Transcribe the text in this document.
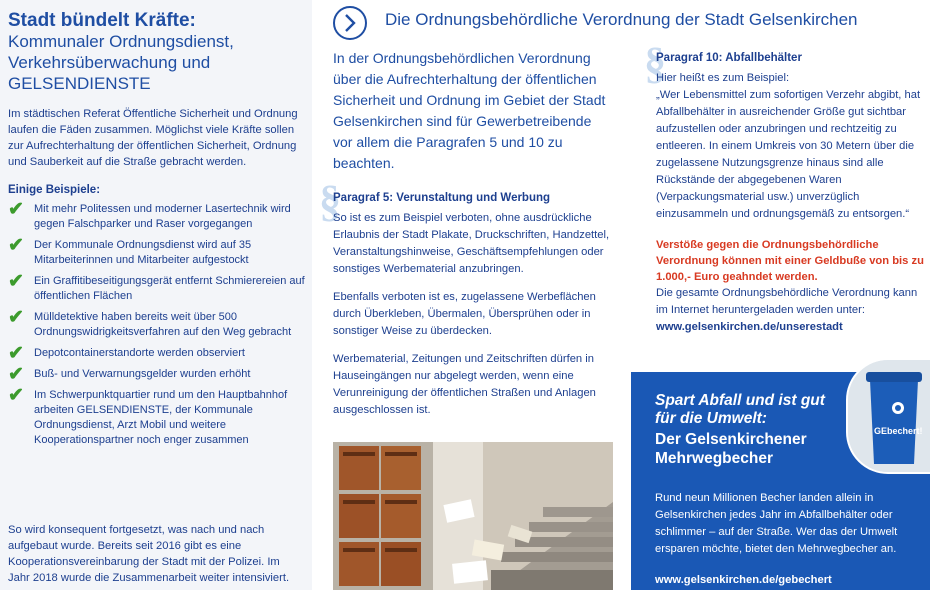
Stadt bündelt Kräfte:
Kommunaler Ordnungsdienst,
Verkehrsüberwachung und
GELSENDIENSTE

Im städtischen Referat Öffentliche Sicherheit und Ordnung laufen die Fäden zusammen. Möglichst viele Kräfte sollen zur Aufrechterhaltung der öffentlichen Sicherheit, Ordnung und Sauberkeit auf die Straße gebracht werden.

Einige Beispiele:
✔ Mit mehr Politessen und moderner Lasertechnik wird gegen Falschparker und Raser vorgegangen
✔ Der Kommunale Ordnungsdienst wird auf 35 Mitarbeiterinnen und Mitarbeiter aufgestockt
✔ Ein Graffitibeseitigungsgerät entfernt Schmierereien auf öffentlichen Flächen
✔ Mülldetektive haben bereits weit über 500 Ordnungswidrigkeitsverfahren auf den Weg gebracht
✔ Depotcontainerstandorte werden observiert
✔ Buß- und Verwarnungsgelder wurden erhöht
✔ Im Schwerpunktquartier rund um den Hauptbahnhof arbeiten GELSENDIENSTE, der Kommunale Ordnungsdienst, Arzt Mobil und weitere Kooperationspartner noch enger zusammen

So wird konsequent fortgesetzt, was nach und nach aufgebaut wurde. Bereits seit 2016 gibt es eine Kooperationsvereinbarung der Stadt mit der Polizei. Im Jahr 2018 wurde die Zusammenarbeit weiter intensiviert.

Die Ordnungsbehördliche Verordnung der Stadt Gelsenkirchen

In der Ordnungsbehördlichen Verordnung über die Aufrechterhaltung der öffentlichen Sicherheit und Ordnung im Gebiet der Stadt Gelsenkirchen sind für Gewerbetreibende vor allem die Paragrafen 5 und 10 zu beachten.

§

Paragraf 5: Verunstaltung und Werbung

So ist es zum Beispiel verboten, ohne ausdrückliche Erlaubnis der Stadt Plakate, Druckschriften, Handzettel, Veranstaltungshinweise, Geschäftsempfehlungen oder sonstiges Werbematerial anzubringen.

Ebenfalls verboten ist es, zugelassene Werbeflächen durch Überkleben, Übermalen, Übersprühen oder in sonstiger Weise zu überdecken.

Werbematerial, Zeitungen und Zeitschriften dürfen in Hauseingängen nur abgelegt werden, wenn eine Verunreinigung der öffentlichen Straßen und Anlagen ausgeschlossen ist.

§

Paragraf 10: Abfallbehälter

Hier heißt es zum Beispiel:

„Wer Lebensmittel zum sofortigen Verzehr abgibt, hat Abfallbehälter in ausreichender Größe gut sichtbar aufzustellen oder anzubringen und rechtzeitig zu entleeren. In einem Umkreis von 30 Metern über die zugelassene Nutzungsgrenze hinaus sind alle Rückstände der abgegebenen Waren (Verpackungsmaterial usw.) unverzüglich einzusammeln und ordnungsgemäß zu entsorgen.“

Verstöße gegen die Ordnungsbehördliche Verordnung können mit einer Geldbuße von bis zu 1.000,- Euro geahndet werden.

Die gesamte Ordnungsbehördliche Verordnung kann im Internet heruntergeladen werden unter:

www.gelsenkirchen.de/unserestadt

Spart Abfall und ist gut für die Umwelt:
Der Gelsenkirchener Mehrwegbecher
Rund neun Millionen Becher landen allein in Gelsenkirchen jedes Jahr im Abfallbehälter oder schlimmer – auf der Straße. Wer das der Umwelt ersparen möchte, bietet den Mehrwegbecher an.
www.gelsenkirchen.de/gebechert
GEbechert!
